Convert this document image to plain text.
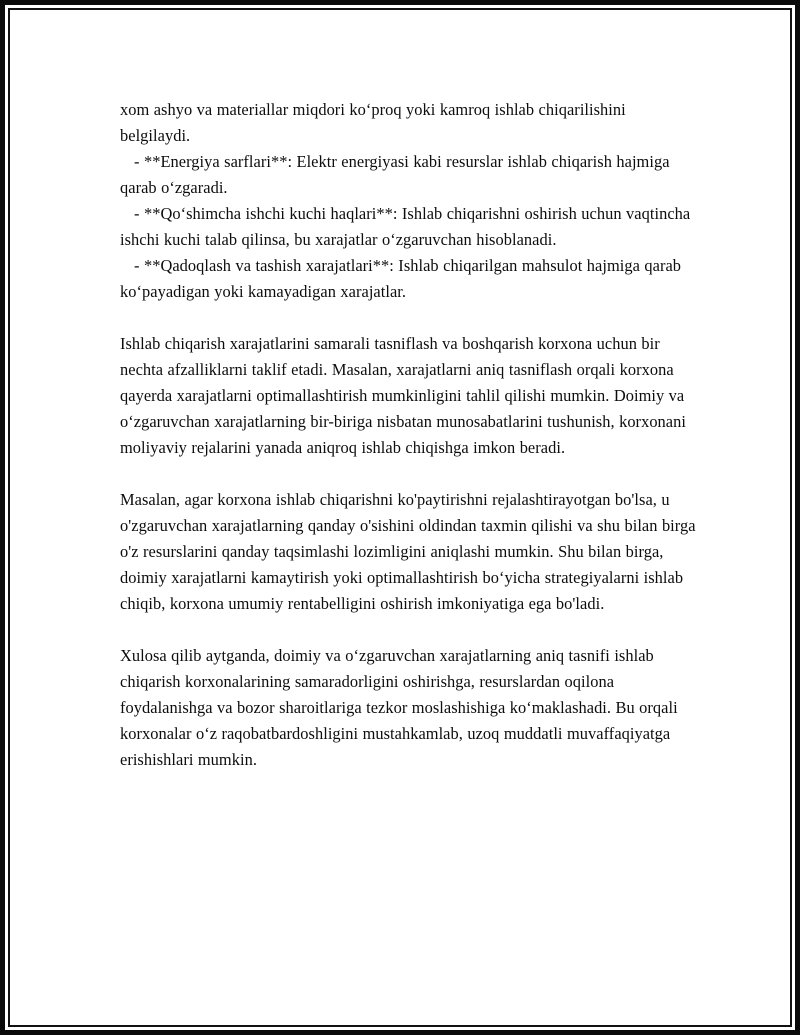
xom ashyo va materiallar miqdori koʻproq yoki kamroq ishlab chiqarilishini belgilaydi.
- **Energiya sarflari**: Elektr energiyasi kabi resurslar ishlab chiqarish hajmiga qarab oʻzgaradi.
- **Qoʻshimcha ishchi kuchi haqlari**: Ishlab chiqarishni oshirish uchun vaqtincha ishchi kuchi talab qilinsa, bu xarajatlar oʻzgaruvchan hisoblanadi.
- **Qadoqlash va tashish xarajatlari**: Ishlab chiqarilgan mahsulot hajmiga qarab koʻpayadigan yoki kamayadigan xarajatlar.

Ishlab chiqarish xarajatlarini samarali tasniflash va boshqarish korxona uchun bir nechta afzalliklarni taklif etadi. Masalan, xarajatlarni aniq tasniflash orqali korxona qayerda xarajatlarni optimallashtirish mumkinligini tahlil qilishi mumkin. Doimiy va oʻzgaruvchan xarajatlarning bir-biriga nisbatan munosabatlarini tushunish, korxonani moliyaviy rejalarini yanada aniqroq ishlab chiqishga imkon beradi.

Masalan, agar korxona ishlab chiqarishni ko'paytirishni rejalashtirayotgan bo'lsa, u o'zgaruvchan xarajatlarning qanday o'sishini oldindan taxmin qilishi va shu bilan birga o'z resurslarini qanday taqsimlashi lozimligini aniqlashi mumkin. Shu bilan birga, doimiy xarajatlarni kamaytirish yoki optimallashtirish boʻyicha strategiyalarni ishlab chiqib, korxona umumiy rentabelligini oshirish imkoniyatiga ega bo'ladi.

Xulosa qilib aytganda, doimiy va oʻzgaruvchan xarajatlarning aniq tasnifi ishlab chiqarish korxonalarining samaradorligini oshirishga, resurslardan oqilona foydalanishga va bozor sharoitlariga tezkor moslashishiga koʻmaklashadi. Bu orqali korxonalar oʻz raqobatbardoshligini mustahkamlab, uzoq muddatli muvaffaqiyatga erishishlari mumkin.
